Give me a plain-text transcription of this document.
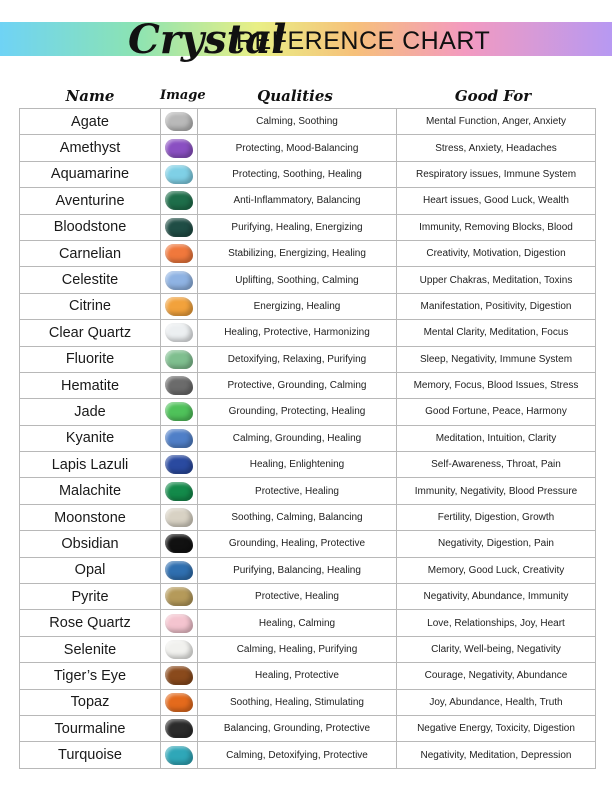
Crystal
REFERENCE CHART
Name	Image	Qualities	Good For
Agate		Calming, Soothing	Mental Function, Anger, Anxiety
Amethyst		Protecting, Mood-Balancing	Stress, Anxiety, Headaches
Aquamarine		Protecting, Soothing, Healing	Respiratory issues, Immune System
Aventurine		Anti-Inflammatory, Balancing	Heart issues, Good Luck, Wealth
Bloodstone		Purifying, Healing, Energizing	Immunity, Removing Blocks, Blood
Carnelian		Stabilizing, Energizing, Healing	Creativity, Motivation, Digestion
Celestite		Uplifting, Soothing, Calming	Upper Chakras, Meditation, Toxins
Citrine		Energizing, Healing	Manifestation, Positivity, Digestion
Clear Quartz		Healing, Protective, Harmonizing	Mental Clarity, Meditation, Focus
Fluorite		Detoxifying, Relaxing, Purifying	Sleep, Negativity, Immune System
Hematite		Protective, Grounding, Calming	Memory, Focus, Blood Issues, Stress
Jade		Grounding, Protecting, Healing	Good Fortune, Peace, Harmony
Kyanite		Calming, Grounding, Healing	Meditation, Intuition, Clarity
Lapis Lazuli		Healing, Enlightening	Self-Awareness, Throat, Pain
Malachite		Protective, Healing	Immunity, Negativity, Blood Pressure
Moonstone		Soothing, Calming, Balancing	Fertility, Digestion, Growth
Obsidian		Grounding, Healing, Protective	Negativity, Digestion, Pain
Opal		Purifying, Balancing, Healing	Memory, Good Luck, Creativity
Pyrite		Protective, Healing	Negativity, Abundance, Immunity
Rose Quartz		Healing, Calming	Love, Relationships, Joy, Heart
Selenite		Calming, Healing, Purifying	Clarity, Well-being, Negativity
Tiger’s Eye		Healing, Protective	Courage, Negativity, Abundance
Topaz		Soothing, Healing, Stimulating	Joy, Abundance, Health, Truth
Tourmaline		Balancing, Grounding, Protective	Negative Energy, Toxicity, Digestion
Turquoise		Calming, Detoxifying, Protective	Negativity, Meditation, Depression
